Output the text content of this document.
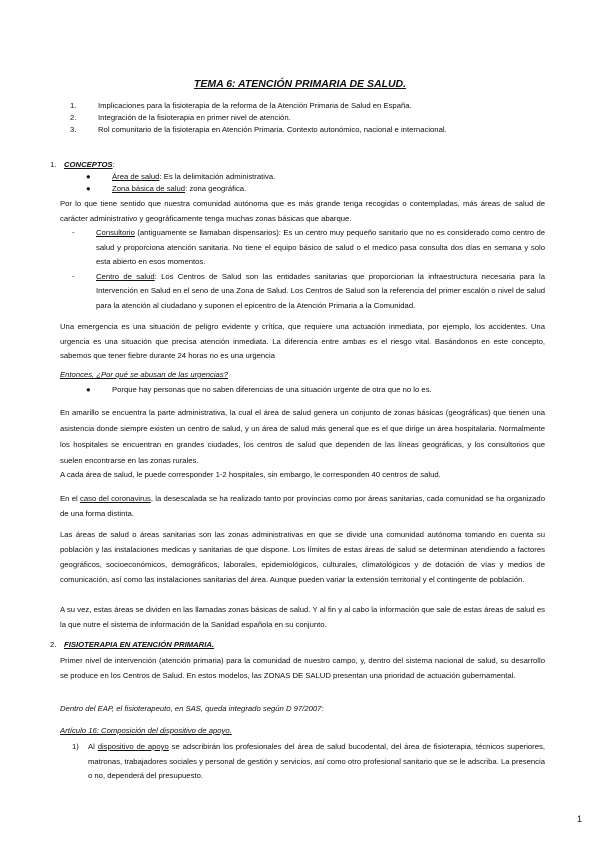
TEMA 6: ATENCIÓN PRIMARIA DE SALUD.
1.	Implicaciones para la fisioterapia de la reforma de la Atención Primaria de Salud en España.
2.	Integración de la fisioterapia en primer nivel de atención.
3.	Rol comunitario de la fisioterapia en Atención Primaria. Contexto autonómico, nacional e internacional.
1. CONCEPTOS :
●	Área de salud: Es la delimitación administrativa.
●	Zona básica de salud: zona geográfica.

Por lo que tiene sentido que nuestra comunidad autónoma que es más grande tenga recogidas o contempladas, más áreas de salud de carácter administrativo y geográficamente tenga muchas zonas básicas que abarque.

-	Consultorio (antiguamente se llamaban dispensarios): Es un centro muy pequeño sanitario que no es considerado como centro de salud y proporciona atención sanitaria. No tiene el equipo básico de salud o el medico pasa consulta dos días en semana y solo esta abierto en esos momentos.

-	Centro de salud: Los Centros de Salud son las entidades sanitarias que proporcionan la infraestructura necesaria para la Intervención en Salud en el seno de una Zona de Salud. Los Centros de Salud son la referencia del primer escalón o nivel de salud para la atención al ciudadano y suponen el epicentro de la Atención Primaria a la Comunidad.

Una emergencia es una situación de peligro evidente y crítica, que requiere una actuación inmediata, por ejemplo, los accidentes. Una urgencia es una situación que precisa atención inmediata. La diferencia entre ambas es el riesgo vital. Basándonos en este concepto, sabemos que tener fiebre durante 24 horas no es una urgencia

Entonces, ¿Por qué se abusan de las urgencias?
●	Porque hay personas que no saben diferencias de una situación urgente de otra que no lo es.

En amarillo se encuentra la parte administrativa, la cual el área de salud genera un conjunto de zonas básicas (geográficas) que tienen una asistencia donde siempre existen un centro de salud, y un área de salud más general que es el que dirige un área hospitalaria. Normalmente los hospitales se encuentran en grandes ciudades, los centros de salud que dependen de las líneas geográficas, y los consultorios que suelen encontrarse en las zonas rurales.

A cada área de salud, le puede corresponder 1-2 hospitales, sin embargo, le corresponden 40 centros de salud.

En el caso del coronavirus, la desescalada se ha realizado tanto por provincias como por áreas sanitarias, cada comunidad se ha organizado de una forma distinta.

Las áreas de salud o áreas sanitarias son las zonas administrativas en que se divide una comunidad autónoma tomando en cuenta su población y las instalaciones medicas y sanitarias de que dispone. Los límites de estas áreas de salud se determinan atendiendo a factores geográficos, socioeconómicos, demográficos, laborales, epidemiológicos, culturales, climatológicos y de dotación de vías y medios de comunicación, así como las instalaciones sanitarias del área. Aunque pueden variar la extensión territorial y el contingente de población.

A su vez, estas áreas se dividen en las llamadas zonas básicas de salud. Y al fin y al cabo la información que sale de estas áreas de salud es la que nutre el sistema de información de la Sanidad española en su conjunto.

2. FISIOTERAPIA EN ATENCIÓN PRIMARIA.

Primer nivel de intervención (atención primaria) para la comunidad de nuestro campo, y, dentro del sistema nacional de salud, su desarrollo se produce en los Centros de Salud. En estos modelos, las ZONAS DE SALUD presentan una prioridad de actuación gubernamental.

Dentro del EAP, el fisioterapeuto, en SAS, queda integrado según D 97/2007:

Artículo 16: Composición del dispositivo de apoyo.
1)	Al dispositivo de apoyo se adscribirán los profesionales del área de salud bucodental, del área de fisioterapia, técnicos superiores, matronas, trabajadores sociales y personal de gestión y servicios, así como otro profesional sanitario que se le adscriba. La presencia o no, dependerá del presupuesto.

1
